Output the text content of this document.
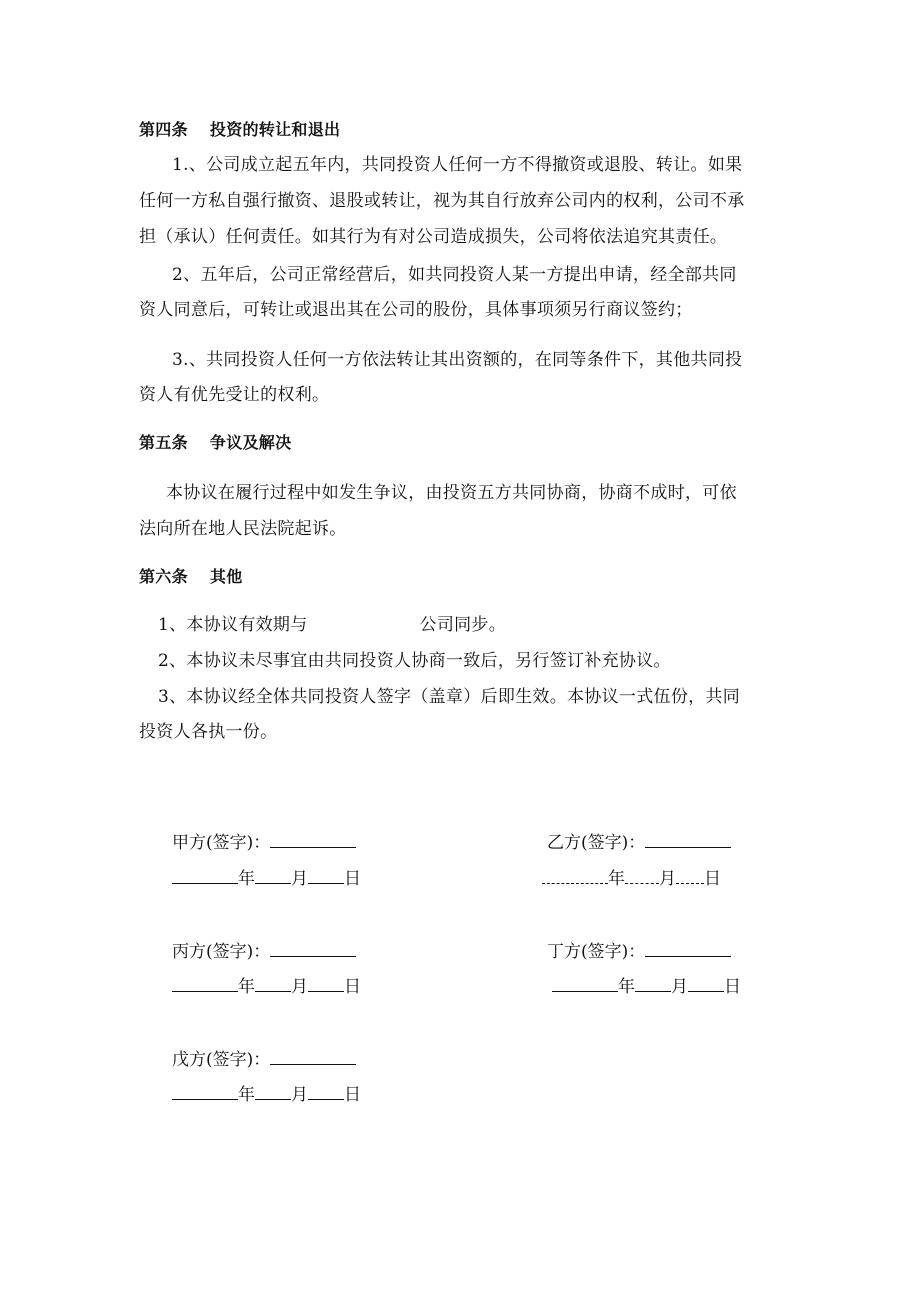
第四条 投资的转让和退出
1.、公司成立起五年内，共同投资人任何一方不得撤资或退股、转让。如果
任何一方私自强行撤资、退股或转让，视为其自行放弃公司内的权利，公司不承
担（承认）任何责任。如其行为有对公司造成损失，公司将依法追究其责任。
2、五年后，公司正常经营后，如共同投资人某一方提出申请，经全部共同
资人同意后，可转让或退出其在公司的股份，具体事项须另行商议签约；
3.、共同投资人任何一方依法转让其出资额的，在同等条件下，其他共同投
资人有优先受让的权利。
第五条 争议及解决
本协议在履行过程中如发生争议，由投资五方共同协商，协商不成时，可依
法向所在地人民法院起诉。
第六条 其他
1、本协议有效期与	公司同步。
2、本协议未尽事宜由共同投资人协商一致后，另行签订补充协议。
3、本协议经全体共同投资人签字（盖章）后即生效。本协议一式伍份，共同
投资人各执一份。
甲方(签字)：
年 月 日
乙方(签字)：
年 月 日
丙方(签字)：
年 月 日
丁方(签字)：
年 月 日
戊方(签字)：
年 月 日
